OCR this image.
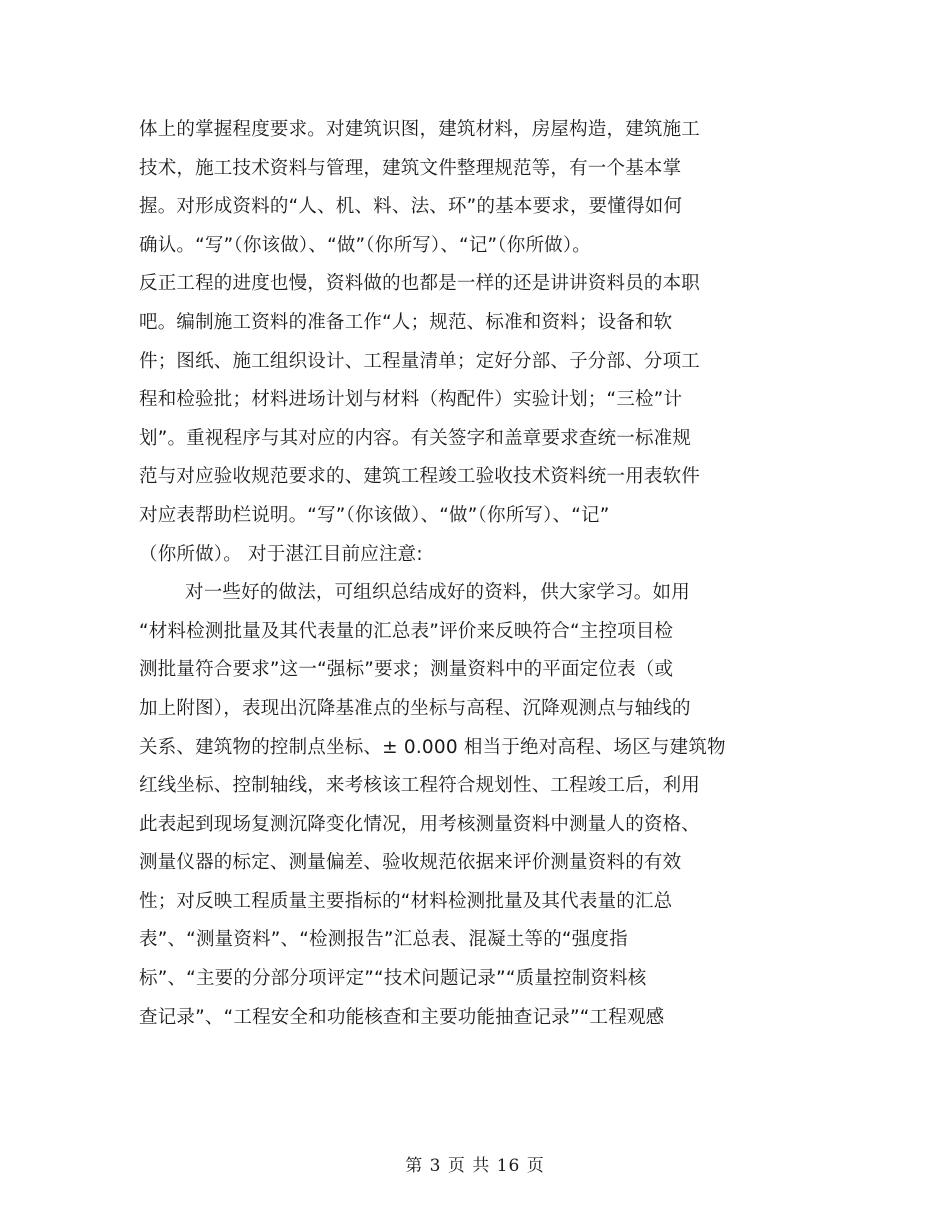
体上的掌握程度要求。对建筑识图，建筑材料，房屋构造，建筑施工
技术，施工技术资料与管理，建筑文件整理规范等，有一个基本掌
握。对形成资料的“人、机、料、法、环”的基本要求，要懂得如何
确认。“写”（你该做）、“做”（你所写）、“记”（你所做）。
反正工程的进度也慢，资料做的也都是一样的还是讲讲资料员的本职
吧。编制施工资料的准备工作“人；规范、标准和资料；设备和软
件；图纸、施工组织设计、工程量清单；定好分部、子分部、分项工
程和检验批；材料进场计划与材料（构配件）实验计划；“三检”计
划”。重视程序与其对应的内容。有关签字和盖章要求查统一标准规
范与对应验收规范要求的、建筑工程竣工验收技术资料统一用表软件
对应表帮助栏说明。“写”（你该做）、“做”（你所写）、“记”
（你所做）。 对于湛江目前应注意:
对一些好的做法，可组织总结成好的资料，供大家学习。如用
“材料检测批量及其代表量的汇总表”评价来反映符合“主控项目检
测批量符合要求”这一“强标”要求；测量资料中的平面定位表（或
加上附图），表现出沉降基准点的坐标与高程、沉降观测点与轴线的
关系、建筑物的控制点坐标、± 0.000 相当于绝对高程、场区与建筑物
红线坐标、控制轴线，来考核该工程符合规划性、工程竣工后，利用
此表起到现场复测沉降变化情况，用考核测量资料中测量人的资格、
测量仪器的标定、测量偏差、验收规范依据来评价测量资料的有效
性；对反映工程质量主要指标的“材料检测批量及其代表量的汇总
表”、“测量资料”、“检测报告”汇总表、混凝土等的“强度指
标”、“主要的分部分项评定”“技术问题记录”“质量控制资料核
查记录”、“工程安全和功能核查和主要功能抽查记录”“工程观感
第 3 页 共 16 页
